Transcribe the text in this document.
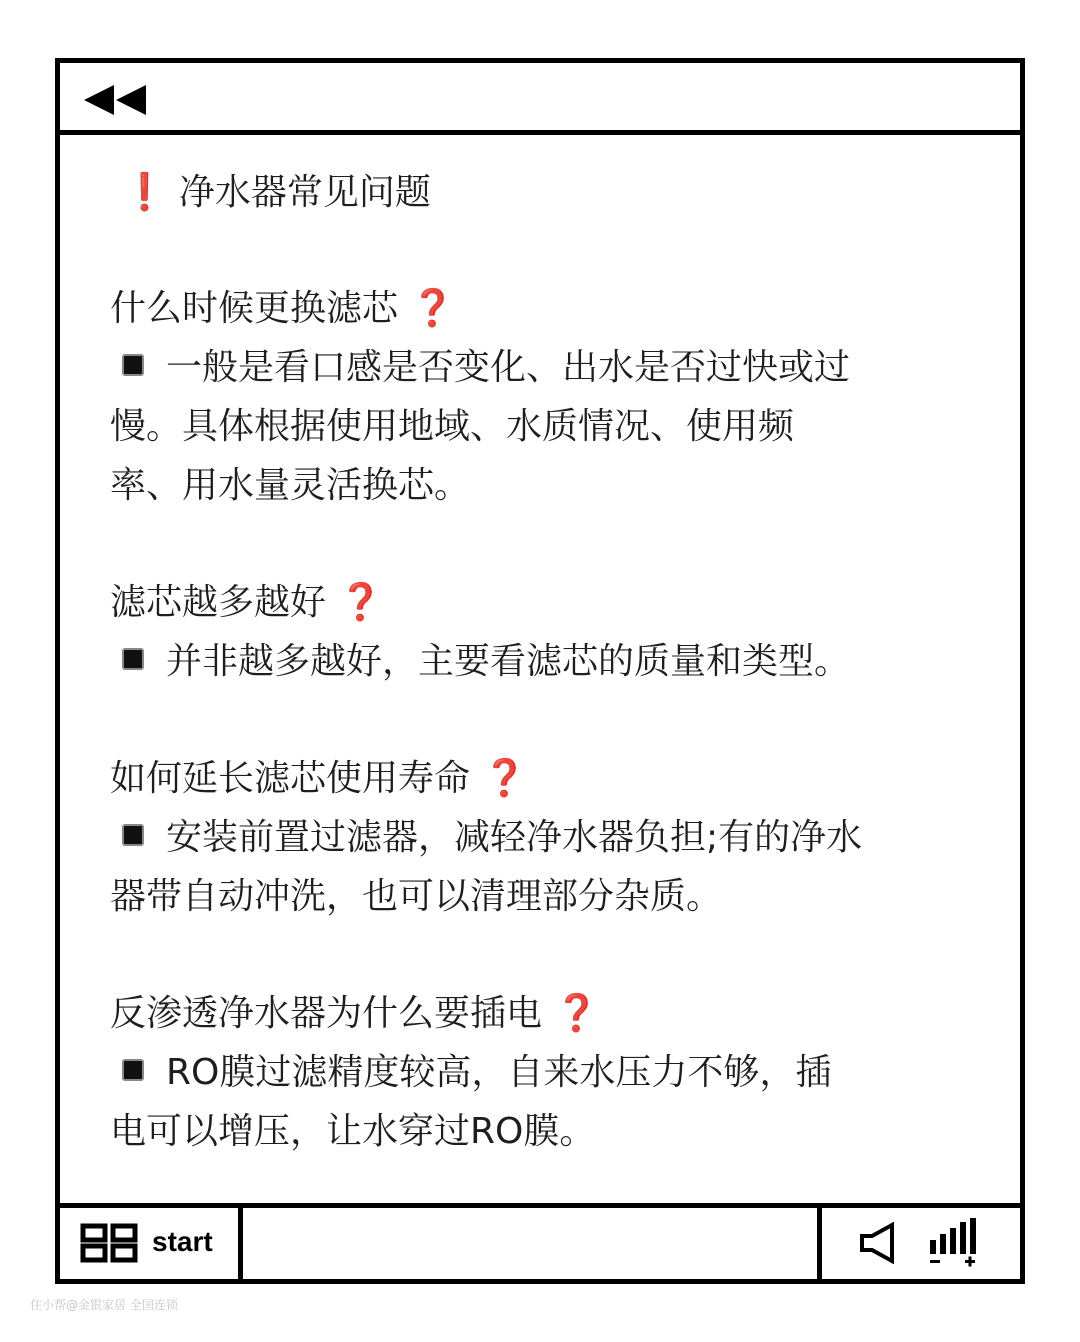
❗ 净水器常见问题
什么时候更换滤芯 ❓
一般是看口感是否变化、出水是否过快或过
慢。具体根据使用地域、水质情况、使用频
率、用水量灵活换芯。
滤芯越多越好 ❓
并非越多越好，主要看滤芯的质量和类型。
如何延长滤芯使用寿命 ❓
安装前置过滤器，减轻净水器负担;有的净水
器带自动冲洗，也可以清理部分杂质。
反渗透净水器为什么要插电 ❓
RO膜过滤精度较高，自来水压力不够，插
电可以增压，让水穿过RO膜。
start
住小帮@金银家居 全国连锁
